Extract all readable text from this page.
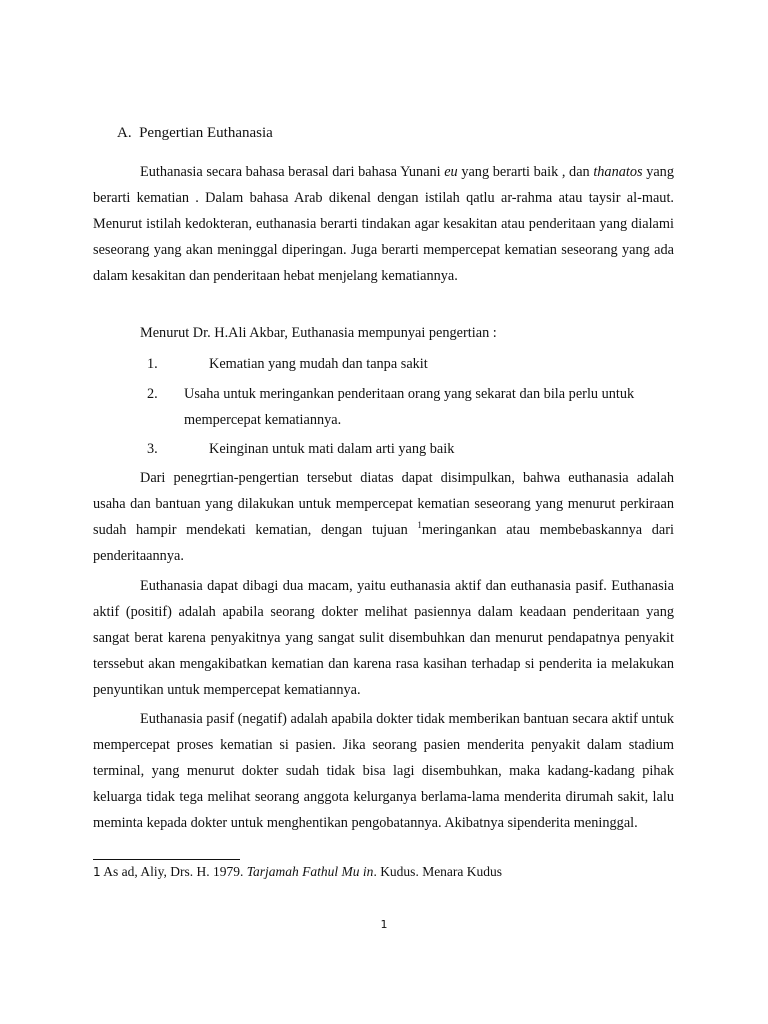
A. Pengertian Euthanasia

Euthanasia secara bahasa berasal dari bahasa Yunani eu yang berarti baik , dan thanatos yang berarti kematian . Dalam bahasa Arab dikenal dengan istilah qatlu ar-rahma atau taysir al-maut. Menurut istilah kedokteran, euthanasia berarti tindakan agar kesakitan atau penderitaan yang dialami seseorang yang akan meninggal diperingan. Juga berarti mempercepat kematian seseorang yang ada dalam kesakitan dan penderitaan hebat menjelang kematiannya.

Menurut Dr. H.Ali Akbar, Euthanasia mempunyai pengertian :

1.	Kematian yang mudah dan tanpa sakit
2. Usaha untuk meringankan penderitaan orang yang sekarat dan bila perlu untuk mempercepat kematiannya.
3.	Keinginan untuk mati dalam arti yang baik

Dari penegrtian-pengertian tersebut diatas dapat disimpulkan, bahwa euthanasia adalah usaha dan bantuan yang dilakukan untuk mempercepat kematian seseorang yang menurut perkiraan sudah hampir mendekati kematian, dengan tujuan $^1$meringankan atau membebaskannya dari penderitaannya.

Euthanasia dapat dibagi dua macam, yaitu euthanasia aktif dan euthanasia pasif. Euthanasia aktif (positif) adalah apabila seorang dokter melihat pasiennya dalam keadaan penderitaan yang sangat berat karena penyakitnya yang sangat sulit disembuhkan dan menurut pendapatnya penyakit terssebut akan mengakibatkan kematian dan karena rasa kasihan terhadap si penderita ia melakukan penyuntikan untuk mempercepat kematiannya.

Euthanasia pasif (negatif) adalah apabila dokter tidak memberikan bantuan secara aktif untuk mempercepat proses kematian si pasien. Jika seorang pasien menderita penyakit dalam stadium terminal, yang menurut dokter sudah tidak bisa lagi disembuhkan, maka kadang-kadang pihak keluarga tidak tega melihat seorang anggota kelurganya berlama-lama menderita dirumah sakit, lalu meminta kepada dokter untuk menghentikan pengobatannya. Akibatnya sipenderita meninggal.

1 As ad, Aliy, Drs. H. 1979. Tarjamah Fathul Mu in. Kudus. Menara Kudus
1
